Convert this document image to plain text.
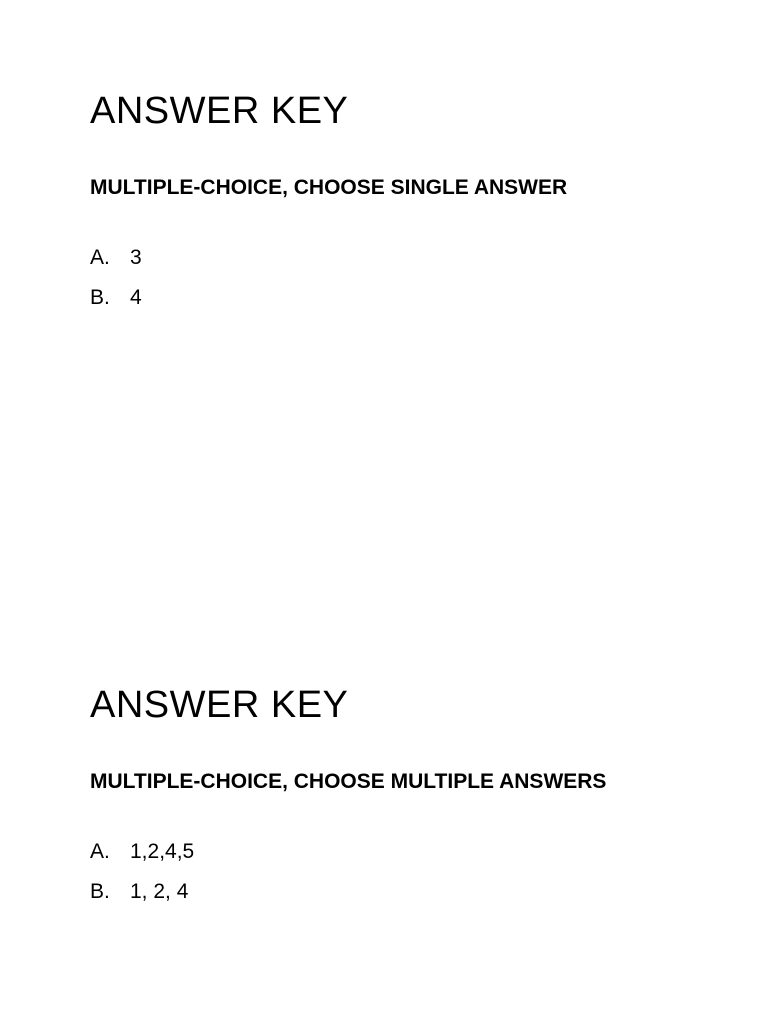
ANSWER KEY
MULTIPLE-CHOICE, CHOOSE SINGLE ANSWER
A. 3
B. 4
ANSWER KEY
MULTIPLE-CHOICE, CHOOSE MULTIPLE ANSWERS
A. 1,2,4,5
B. 1, 2, 4
